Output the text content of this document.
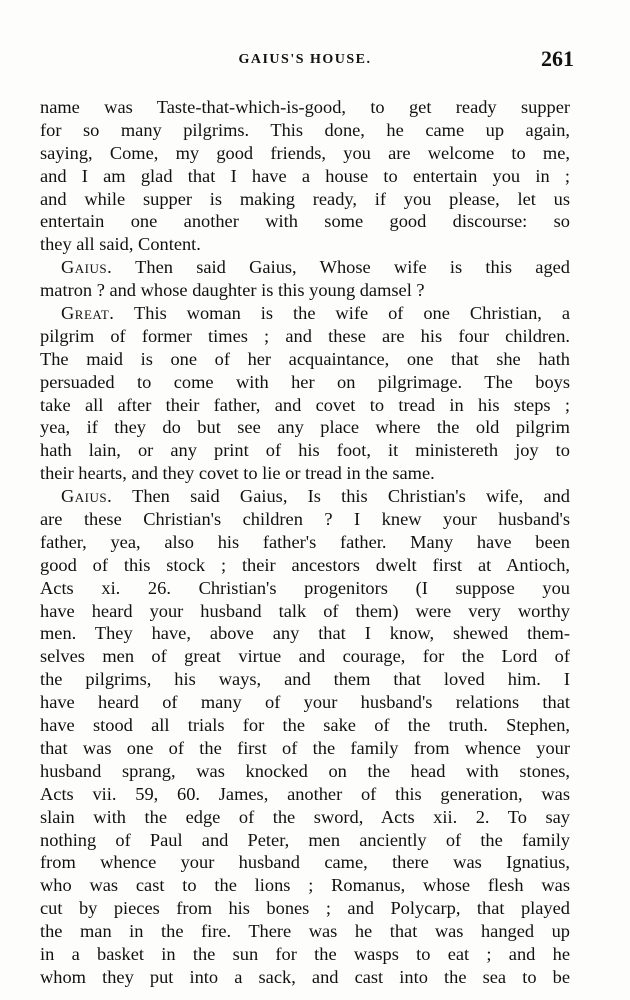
GAIUS'S HOUSE.	261
name was Taste-that-which-is-good, to get ready supper
for so many pilgrims. This done, he came up again,
saying, Come, my good friends, you are welcome to me,
and I am glad that I have a house to entertain you in ;
and while supper is making ready, if you please, let us
entertain one another with some good discourse: so
they all said, Content.
Gaius. Then said Gaius, Whose wife is this aged
matron ? and whose daughter is this young damsel ?
Great. This woman is the wife of one Christian, a
pilgrim of former times ; and these are his four children.
The maid is one of her acquaintance, one that she hath
persuaded to come with her on pilgrimage. The boys
take all after their father, and covet to tread in his steps ;
yea, if they do but see any place where the old pilgrim
hath lain, or any print of his foot, it ministereth joy to
their hearts, and they covet to lie or tread in the same.
Gaius. Then said Gaius, Is this Christian's wife, and
are these Christian's children ? I knew your husband's
father, yea, also his father's father. Many have been
good of this stock ; their ancestors dwelt first at Antioch,
Acts xi. 26. Christian's progenitors (I suppose you
have heard your husband talk of them) were very worthy
men. They have, above any that I know, shewed them-
selves men of great virtue and courage, for the Lord of
the pilgrims, his ways, and them that loved him. I
have heard of many of your husband's relations that
have stood all trials for the sake of the truth. Stephen,
that was one of the first of the family from whence your
husband sprang, was knocked on the head with stones,
Acts vii. 59, 60. James, another of this generation, was
slain with the edge of the sword, Acts xii. 2. To say
nothing of Paul and Peter, men anciently of the family
from whence your husband came, there was Ignatius,
who was cast to the lions ; Romanus, whose flesh was
cut by pieces from his bones ; and Polycarp, that played
the man in the fire. There was he that was hanged up
in a basket in the sun for the wasps to eat ; and he
whom they put into a sack, and cast into the sea to be
